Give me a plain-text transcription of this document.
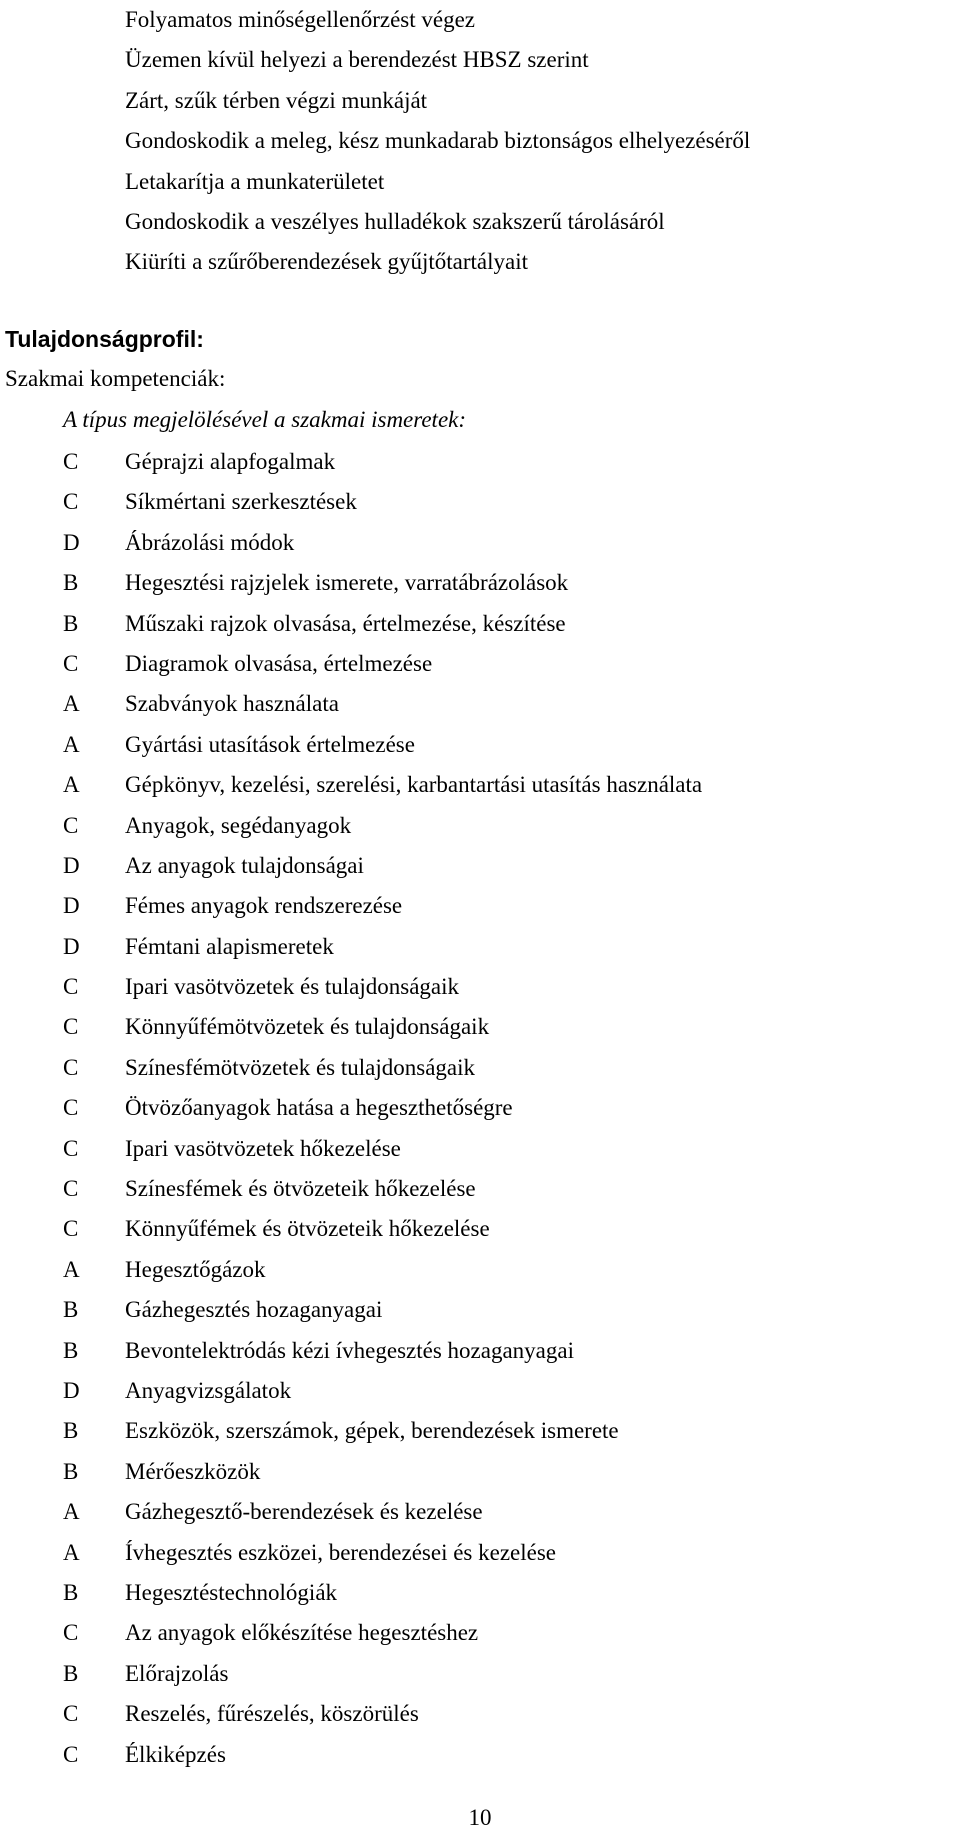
Folyamatos minőségellenőrzést végez
Üzemen kívül helyezi a berendezést HBSZ szerint
Zárt, szűk térben végzi munkáját
Gondoskodik a meleg, kész munkadarab biztonságos elhelyezéséről
Letakarítja a munkaterületet
Gondoskodik a veszélyes hulladékok szakszerű tárolásáról
Kiüríti a szűrőberendezések gyűjtőtartályait
Tulajdonságprofil:
Szakmai kompetenciák:
A típus megjelölésével a szakmai ismeretek:
C	Géprajzi alapfogalmak
C	Síkmértani szerkesztések
D	Ábrázolási módok
B	Hegesztési rajzjelek ismerete, varratábrázolások
B	Műszaki rajzok olvasása, értelmezése, készítése
C	Diagramok olvasása, értelmezése
A	Szabványok használata
A	Gyártási utasítások értelmezése
A	Gépkönyv, kezelési, szerelési, karbantartási utasítás használata
C	Anyagok, segédanyagok
D	Az anyagok tulajdonságai
D	Fémes anyagok rendszerezése
D	Fémtani alapismeretek
C	Ipari vasötvözetek és tulajdonságaik
C	Könnyűfémötvözetek és tulajdonságaik
C	Színesfémötvözetek és tulajdonságaik
C	Ötvözőanyagok hatása a hegeszthetőségre
C	Ipari vasötvözetek hőkezelése
C	Színesfémek és ötvözeteik hőkezelése
C	Könnyűfémek és ötvözeteik hőkezelése
A	Hegesztőgázok
B	Gázhegesztés hozaganyagai
B	Bevontelektródás kézi ívhegesztés hozaganyagai
D	Anyagvizsgálatok
B	Eszközök, szerszámok, gépek, berendezések ismerete
B	Mérőeszközök
A	Gázhegesztő-berendezések és kezelése
A	Ívhegesztés eszközei, berendezései és kezelése
B	Hegesztéstechnológiák
C	Az anyagok előkészítése hegesztéshez
B	Előrajzolás
C	Reszelés, fűrészelés, köszörülés
C	Élkiképzés
10
